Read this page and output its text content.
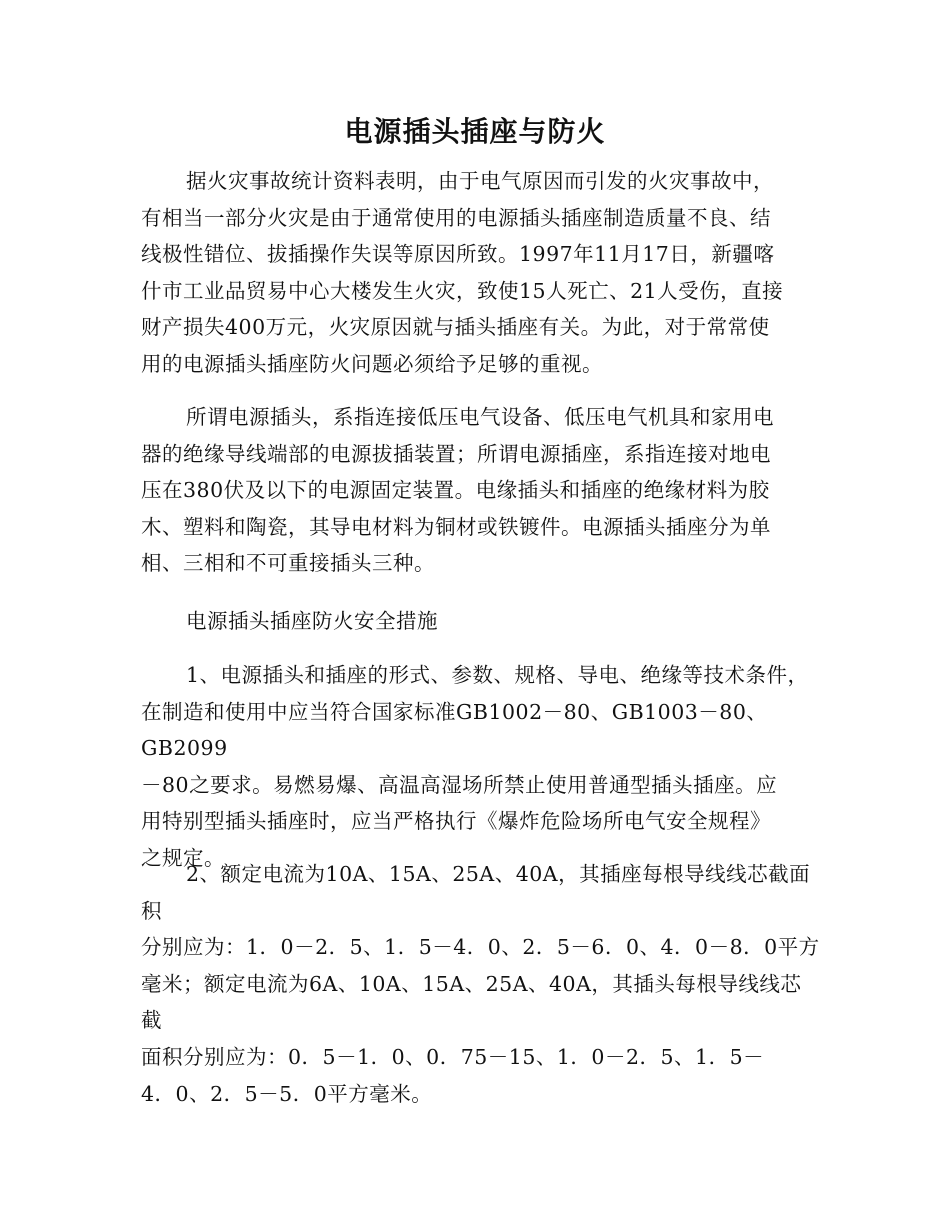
电源插头插座与防火

据火灾事故统计资料表明，由于电气原因而引发的火灾事故中，
有相当一部分火灾是由于通常使用的电源插头插座制造质量不良、结
线极性错位、拔插操作失误等原因所致。1997年11月17日，新疆喀
什市工业品贸易中心大楼发生火灾，致使15人死亡、21人受伤，直接
财产损失400万元，火灾原因就与插头插座有关。为此，对于常常使
用的电源插头插座防火问题必须给予足够的重视。

所谓电源插头，系指连接低压电气设备、低压电气机具和家用电
器的绝缘导线端部的电源拔插装置；所谓电源插座，系指连接对地电
压在380伏及以下的电源固定装置。电缘插头和插座的绝缘材料为胶
木、塑料和陶瓷，其导电材料为铜材或铁镀件。电源插头插座分为单
相、三相和不可重接插头三种。

电源插头插座防火安全措施

1、电源插头和插座的形式、参数、规格、导电、绝缘等技术条件，
在制造和使用中应当符合国家标准GB1002－80、GB1003－80、GB2099
－80之要求。易燃易爆、高温高湿场所禁止使用普通型插头插座。应
用特别型插头插座时，应当严格执行《爆炸危险场所电气安全规程》
之规定。

2、额定电流为10A、15A、25A、40A，其插座每根导线线芯截面积
分别应为：1．0－2．5、1．5－4．0、2．5－6．0、4．0－8．0平方
毫米；额定电流为6A、10A、15A、25A、40A，其插头每根导线线芯截
面积分别应为：0．5－1．0、0．75－15、1．0－2．5、1．5－
4．0、2．5－5．0平方毫米。
